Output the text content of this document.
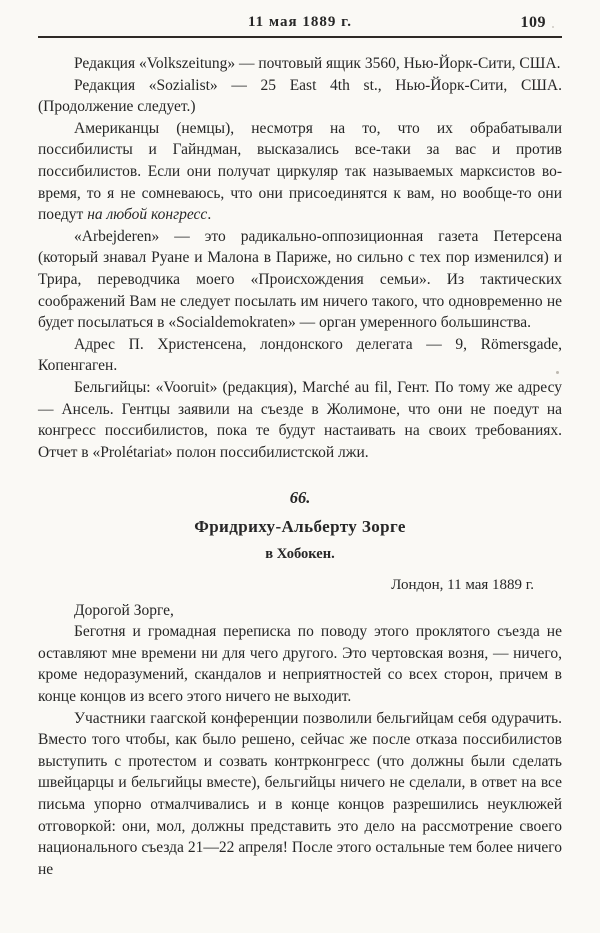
11 мая 1889 г.	109

Редакция «Volkszeitung» — почтовый ящик 3560, Нью-Йорк-Сити, США.

Редакция «Sozialist» — 25 East 4th st., Нью-Йорк-Сити, США. (Продолжение следует.)

Американцы (немцы), несмотря на то, что их обрабатывали поссибилисты и Гайндман, высказались все-таки за вас и против поссибилистов. Если они получат циркуляр так называемых марксистов во-время, то я не сомневаюсь, что они присоединятся к вам, но вообще-то они поедут на любой конгресс.

«Arbejderen» — это радикально-оппозиционная газета Петерсена (который знавал Руане и Малона в Париже, но сильно с тех пор изменился) и Трира, переводчика моего «Происхождения семьи». Из тактических соображений Вам не следует посылать им ничего такого, что одновременно не будет посылаться в «Socialdemokraten» — орган умеренного большинства.

Адрес П. Христенсена, лондонского делегата — 9, Römersgade, Копенгаген.

Бельгийцы: «Vooruit» (редакция), Marché au fil, Гент. По тому же адресу — Ансель. Гентцы заявили на съезде в Жолимоне, что они не поедут на конгресс поссибилистов, пока те будут настаивать на своих требованиях. Отчет в «Prolétariat» полон поссибилистской лжи.

66.
Фридриху-Альберту Зорге
в Хобокен.
Лондон, 11 мая 1889 г.

Дорогой Зорге,

Беготня и громадная переписка по поводу этого проклятого съезда не оставляют мне времени ни для чего другого. Это чертовская возня, — ничего, кроме недоразумений, скандалов и неприятностей со всех сторон, причем в конце концов из всего этого ничего не выходит.

Участники гаагской конференции позволили бельгийцам себя одурачить. Вместо того чтобы, как было решено, сейчас же после отказа поссибилистов выступить с протестом и созвать контрконгресс (что должны были сделать швейцарцы и бельгийцы вместе), бельгийцы ничего не сделали, в ответ на все письма упорно отмалчивались и в конце концов разрешились неуклюжей отговоркой: они, мол, должны представить это дело на рассмотрение своего национального съезда 21—22 апреля! После этого остальные тем более ничего не
